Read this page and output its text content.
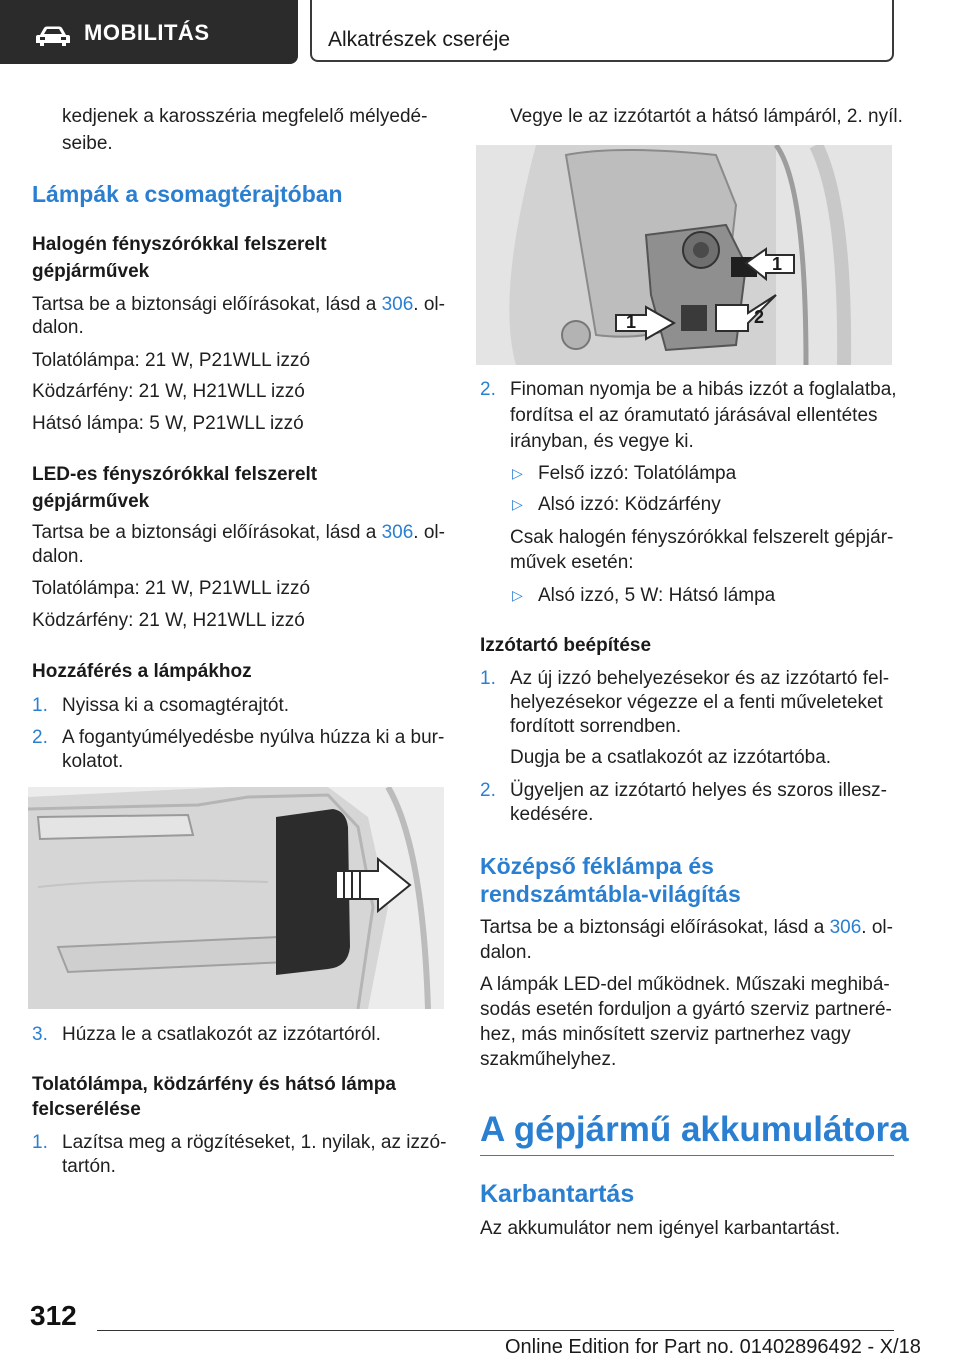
MOBILITÁS	Alkatrészek cseréje
kedjenek a karosszéria megfelelő mélyedé-
seibe.
Lámpák a csomagtérajtóban
Halogén fényszórókkal felszerelt
gépjárművek
Tartsa be a biztonsági előírásokat, lásd a 306. ol-
dalon.
Tolatólámpa: 21 W, P21WLL izzó
Ködzárfény: 21 W, H21WLL izzó
Hátsó lámpa: 5 W, P21WLL izzó
LED-es fényszórókkal felszerelt
gépjárművek
Tartsa be a biztonsági előírásokat, lásd a 306. ol-
dalon.
Tolatólámpa: 21 W, P21WLL izzó
Ködzárfény: 21 W, H21WLL izzó
Hozzáférés a lámpákhoz
1. Nyissa ki a csomagtérajtót.
2. A fogantyúmélyedésbe nyúlva húzza ki a bur-
kolatot.
3. Húzza le a csatlakozót az izzótartóról.
Tolatólámpa, ködzárfény és hátsó lámpa
felcserélése
1. Lazítsa meg a rögzítéseket, 1. nyilak, az izzó-
tartón.
Vegye le az izzótartót a hátsó lámpáról, 2. nyíl.
1
1	2
2. Finoman nyomja be a hibás izzót a foglalatba,
fordítsa el az óramutató járásával ellentétes
irányban, és vegye ki.
▷ Felső izzó: Tolatólámpa
▷ Alsó izzó: Ködzárfény
Csak halogén fényszórókkal felszerelt gépjár-
művek esetén:
▷ Alsó izzó, 5 W: Hátsó lámpa
Izzótartó beépítése
1. Az új izzó behelyezésekor és az izzótartó fel-
helyezésekor végezze el a fenti műveleteket
fordított sorrendben.
Dugja be a csatlakozót az izzótartóba.
2. Ügyeljen az izzótartó helyes és szoros illesz-
kedésére.
Középső féklámpa és
rendszámtábla-világítás
Tartsa be a biztonsági előírásokat, lásd a 306. ol-
dalon.
A lámpák LED-del működnek. Műszaki meghibá-
sodás esetén forduljon a gyártó szerviz partneré-
hez, más minősített szerviz partnerhez vagy
szakműhelyhez.
A gépjármű akkumulátora
Karbantartás
Az akkumulátor nem igényel karbantartást.
312
Online Edition for Part no. 01402896492 - X/18
